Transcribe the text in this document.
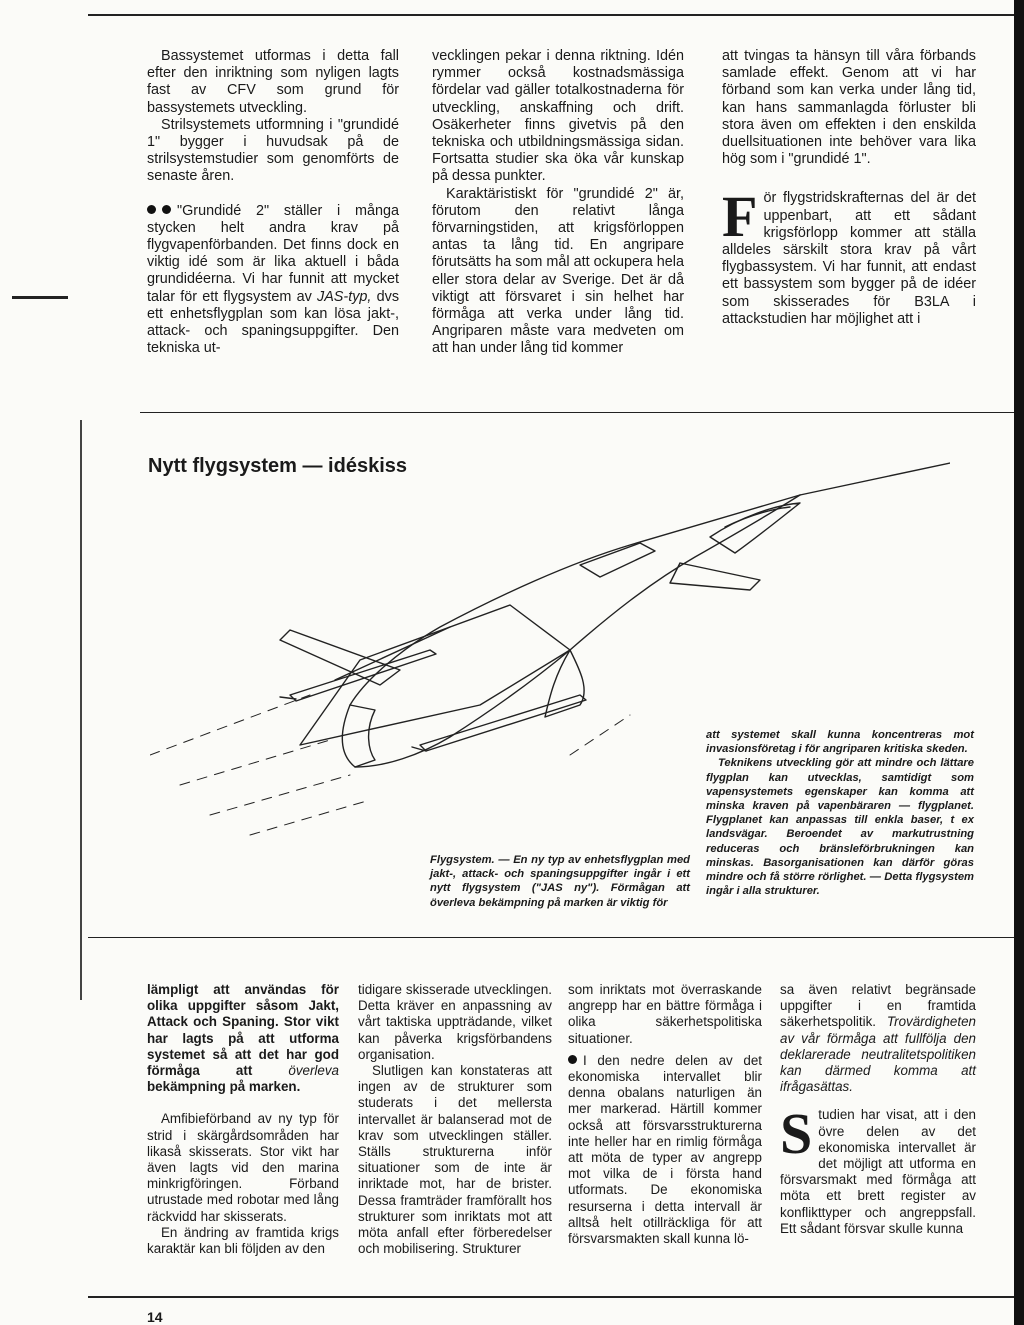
Bassystemet utformas i detta fall efter den inriktning som nyligen lagts fast av CFV som grund för bassystemets utveckling.

Strilsystemets utformning i "grundidé 1" bygger i huvudsak på de strilsystemstudier som genomförts de senaste åren.

"Grundidé 2" ställer i många stycken helt andra krav på flygvapenförbanden. Det finns dock en viktig idé som är lika aktuell i båda grundidéerna. Vi har funnit att mycket talar för ett flygsystem av JAS-typ, dvs ett enhetsflygplan som kan lösa jakt-, attack- och spaningsuppgifter. Den tekniska ut-

vecklingen pekar i denna riktning. Idén rymmer också kostnadsmässiga fördelar vad gäller totalkostnaderna för utveckling, anskaffning och drift. Osäkerheter finns givetvis på den tekniska och utbildningsmässiga sidan. Fortsatta studier ska öka vår kunskap på dessa punkter.

Karaktäristiskt för "grundidé 2" är, förutom den relativt långa förvarningstiden, att krigsförloppen antas ta lång tid. En angripare förutsätts ha som mål att ockupera hela eller stora delar av Sverige. Det är då viktigt att försvaret i sin helhet har förmåga att verka under lång tid. Angriparen måste vara medveten om att han under lång tid kommer

att tvingas ta hänsyn till våra förbands samlade effekt. Genom att vi har förband som kan verka under lång tid, kan hans sammanlagda förluster bli stora även om effekten i den enskilda duellsituationen inte behöver vara lika hög som i "grundidé 1".

För flygstridskrafternas del är det uppenbart, att ett sådant krigsförlopp kommer att ställa alldeles särskilt stora krav på vårt flygbassystem. Vi har funnit, att endast ett bassystem som bygger på de idéer som skisserades för B3LA i attackstudien har möjlighet att i

Nytt flygsystem — idéskiss

Flygsystem. — En ny typ av enhetsflygplan med jakt-, attack- och spaningsuppgifter ingår i ett nytt flygsystem ("JAS ny"). Förmågan att överleva bekämpning på marken är viktig för

att systemet skall kunna koncentreras mot invasionsföretag i för angriparen kritiska skeden.

Teknikens utveckling gör att mindre och lättare flygplan kan utvecklas, samtidigt som vapensystemets egenskaper kan komma att minska kraven på vapenbäraren — flygplanet. Flygplanet kan anpassas till enkla baser, t ex landsvägar. Beroendet av markutrustning reduceras och bränsleförbrukningen kan minskas. Basorganisationen kan därför göras mindre och få större rörlighet. — Detta flygsystem ingår i alla strukturer.

lämpligt att användas för olika uppgifter såsom Jakt, Attack och Spaning. Stor vikt har lagts på att utforma systemet så att det har god förmåga att	överleva bekämpning på marken.

Amfibieförband av ny typ för strid i skärgårdsområden har likaså skisserats. Stor vikt har även lagts vid den marina minkrigföringen. Förband utrustade med robotar med lång räckvidd har skisserats.

En ändring av framtida krigs karaktär kan bli följden av den

tidigare skisserade utvecklingen. Detta kräver en anpassning av vårt taktiska uppträdande, vilket kan påverka krigsförbandens organisation.

Slutligen kan konstateras att ingen av de strukturer som studerats i det mellersta intervallet är balanserad mot de krav som utvecklingen ställer. Ställs strukturerna inför situationer som de inte är inriktade mot, har de brister. Dessa framträder framförallt hos strukturer som inriktats mot att möta anfall efter förberedelser och mobilisering. Strukturer

som inriktats mot överraskande angrepp har en bättre förmåga i olika säkerhetspolitiska situationer.

I den nedre delen av det ekonomiska intervallet blir denna obalans naturligen än mer markerad. Härtill kommer också att försvarsstrukturerna inte heller har en rimlig förmåga att möta de typer av angrepp mot vilka de i första hand utformats. De ekonomiska resurserna i detta intervall är alltså helt otillräckliga för att försvarsmakten skall kunna lö-

sa även relativt begränsade uppgifter i en framtida säkerhetspolitik. Trovärdigheten av vår förmåga att fullfölja den deklarerade neutralitetspolitiken kan därmed komma att ifrågasättas.

Studien har visat, att i den övre delen av det ekonomiska intervallet är det möjligt att utforma en försvarsmakt med förmåga att möta ett brett register av konflikttyper och angreppsfall. Ett sådant försvar skulle kunna

14
